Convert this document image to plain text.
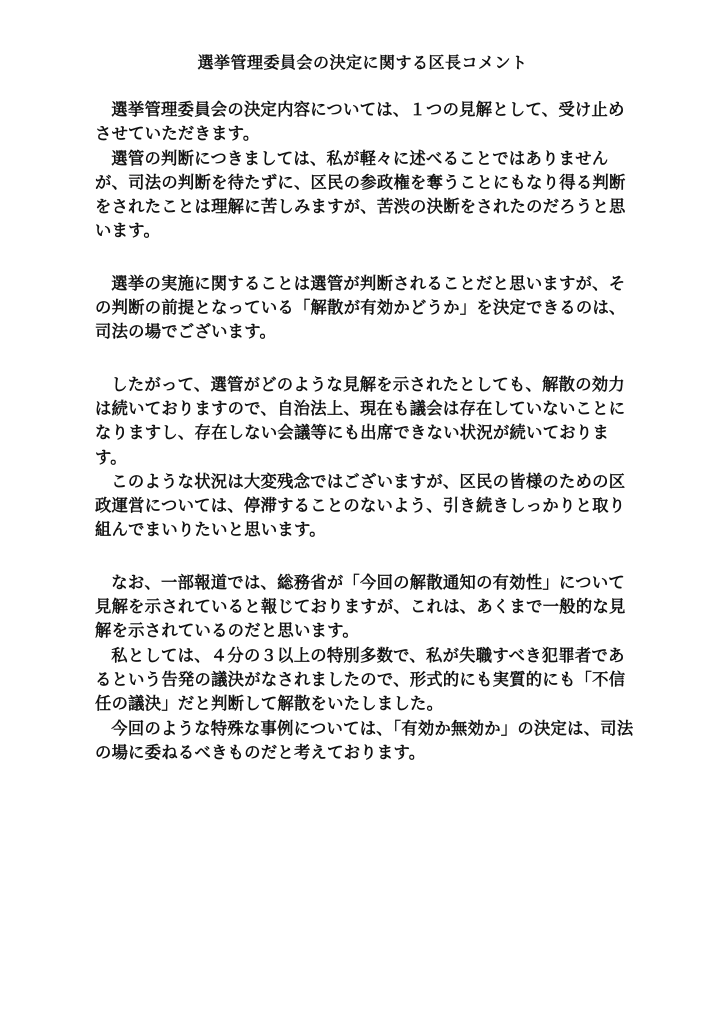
選挙管理委員会の決定に関する区長コメント

選挙管理委員会の決定内容については、１つの見解として、受け止めさせていただきます。

選管の判断につきましては、私が軽々に述べることではありませんが、司法の判断を待たずに、区民の参政権を奪うことにもなり得る判断をされたことは理解に苦しみますが、苦渋の決断をされたのだろうと思います。

選挙の実施に関することは選管が判断されることだと思いますが、その判断の前提となっている「解散が有効かどうか」を決定できるのは、司法の場でございます。

したがって、選管がどのような見解を示されたとしても、解散の効力は続いておりますので、自治法上、現在も議会は存在していないことになりますし、存在しない会議等にも出席できない状況が続いております。

このような状況は大変残念ではございますが、区民の皆様のための区政運営については、停滞することのないよう、引き続きしっかりと取り組んでまいりたいと思います。

なお、一部報道では、総務省が「今回の解散通知の有効性」について見解を示されていると報じておりますが、これは、あくまで一般的な見解を示されているのだと思います。

私としては、４分の３以上の特別多数で、私が失職すべき犯罪者であるという告発の議決がなされましたので、形式的にも実質的にも「不信任の議決」だと判断して解散をいたしました。

今回のような特殊な事例については、「有効か無効か」の決定は、司法の場に委ねるべきものだと考えております。
